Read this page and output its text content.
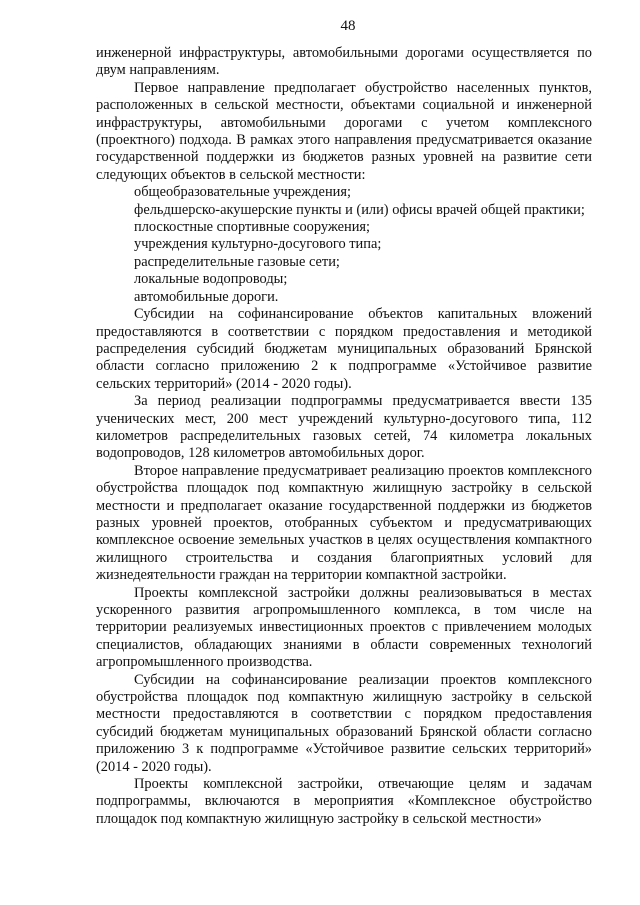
48

инженерной инфраструктуры, автомобильными дорогами осуществляется по двум направлениям.

Первое направление предполагает обустройство населенных пунктов, расположенных в сельской местности, объектами социальной и инженерной инфраструктуры, автомобильными дорогами с учетом комплексного (проектного) подхода. В рамках этого направления предусматривается оказание государственной поддержки из бюджетов разных уровней на развитие сети следующих объектов в сельской местности:

общеобразовательные учреждения;
фельдшерско-акушерские пункты и (или) офисы врачей общей практики;
плоскостные спортивные сооружения;
учреждения культурно-досугового типа;
распределительные газовые сети;
локальные водопроводы;
автомобильные дороги.

Субсидии на софинансирование объектов капитальных вложений предоставляются в соответствии с порядком предоставления и методикой распределения субсидий бюджетам муниципальных образований Брянской области согласно приложению 2 к подпрограмме «Устойчивое развитие сельских территорий» (2014 - 2020 годы).

За период реализации подпрограммы предусматривается ввести 135 ученических мест, 200 мест учреждений культурно-досугового типа, 112 километров распределительных газовых сетей, 74 километра локальных водопроводов, 128 километров автомобильных дорог.

Второе направление предусматривает реализацию проектов комплексного обустройства площадок под компактную жилищную застройку в сельской местности и предполагает оказание государственной поддержки из бюджетов разных уровней проектов, отобранных субъектом и предусматривающих комплексное освоение земельных участков в целях осуществления компактного жилищного строительства и создания благоприятных условий для жизнедеятельности граждан на территории компактной застройки.

Проекты комплексной застройки должны реализовываться в местах ускоренного развития агропромышленного комплекса, в том числе на территории реализуемых инвестиционных проектов с привлечением молодых специалистов, обладающих знаниями в области современных технологий агропромышленного производства.

Субсидии на софинансирование реализации проектов комплексного обустройства площадок под компактную жилищную застройку в сельской местности предоставляются в соответствии с порядком предоставления субсидий бюджетам муниципальных образований Брянской области согласно приложению 3 к подпрограмме «Устойчивое развитие сельских территорий» (2014 - 2020 годы).

Проекты комплексной застройки, отвечающие целям и задачам подпрограммы, включаются в мероприятия «Комплексное обустройство площадок под компактную жилищную застройку в сельской местности»
